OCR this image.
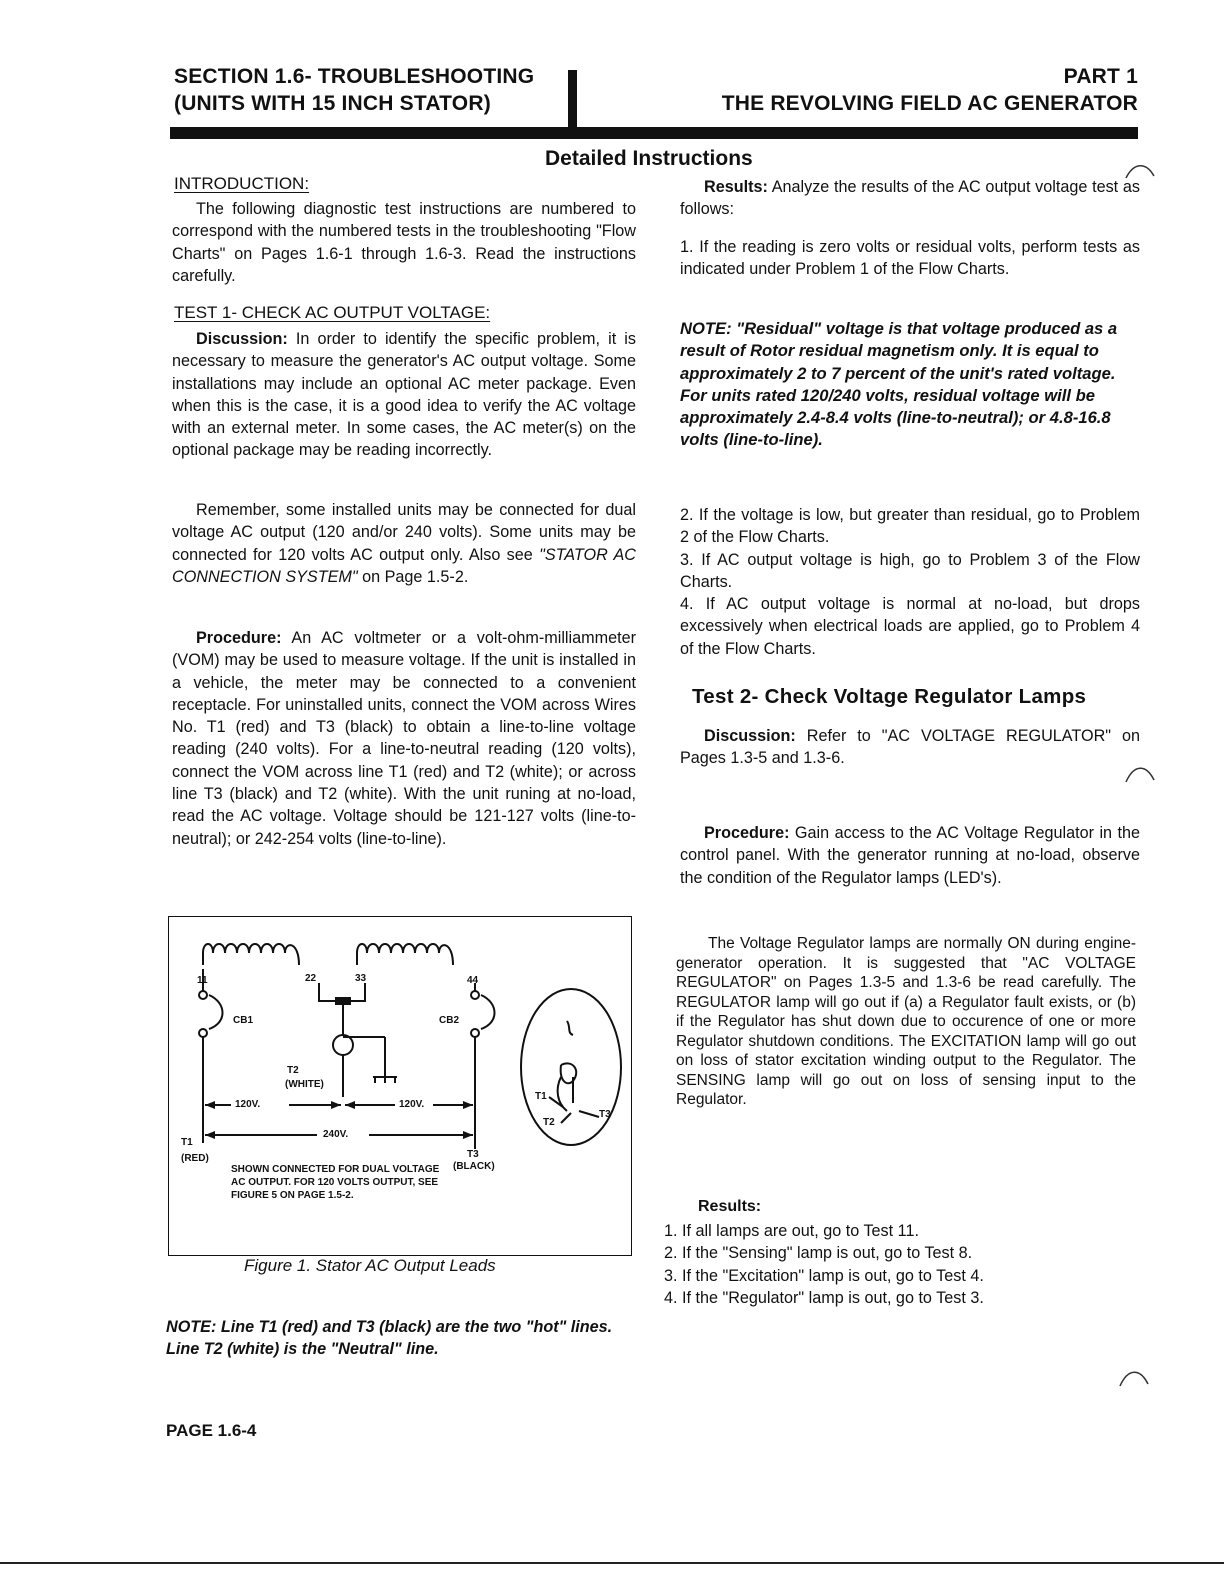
SECTION 1.6- TROUBLESHOOTING
(UNITS WITH 15 INCH STATOR)
PART 1
THE REVOLVING FIELD AC GENERATOR
Detailed Instructions
INTRODUCTION:

The following diagnostic test instructions are numbered to correspond with the numbered tests in the troubleshooting "Flow Charts" on Pages 1.6-1 through 1.6-3. Read the instructions carefully.

TEST 1- CHECK AC OUTPUT VOLTAGE:

Discussion: In order to identify the specific problem, it is necessary to measure the generator's AC output voltage. Some installations may include an optional AC meter package. Even when this is the case, it is a good idea to verify the AC voltage with an external meter. In some cases, the AC meter(s) on the optional package may be reading incorrectly.

Remember, some installed units may be connected for dual voltage AC output (120 and/or 240 volts). Some units may be connected for 120 volts AC output only. Also see "STATOR AC CONNECTION SYSTEM" on Page 1.5-2.

Procedure: An AC voltmeter or a volt-ohm-milliammeter (VOM) may be used to measure voltage. If the unit is installed in a vehicle, the meter may be connected to a convenient receptacle. For uninstalled units, connect the VOM across Wires No. T1 (red) and T3 (black) to obtain a line-to-line voltage reading (240 volts). For a line-to-neutral reading (120 volts), connect the VOM across line T1 (red) and T2 (white); or across line T3 (black) and T2 (white). With the unit runing at no-load, read the AC voltage. Voltage should be 121-127 volts (line-to-neutral); or 242-254 volts (line-to-line).

11	22	33	44
CB1	CB2
T2
(WHITE)
120V.	120V.
240V.
T1
(RED)	T3
(BLACK)
SHOWN CONNECTED FOR DUAL VOLTAGE AC OUTPUT. FOR 120 VOLTS OUTPUT, SEE FIGURE 5 ON PAGE 1.5-2.
T1
T2
T3
Figure 1. Stator AC Output Leads
NOTE: Line T1 (red) and T3 (black) are the two "hot" lines. Line T2 (white) is the "Neutral" line.
PAGE 1.6-4

Results: Analyze the results of the AC output voltage test as follows:

1. If the reading is zero volts or residual volts, perform tests as indicated under Problem 1 of the Flow Charts.
NOTE: "Residual" voltage is that voltage produced as a result of Rotor residual magnetism only. It is equal to approximately 2 to 7 percent of the unit's rated voltage. For units rated 120/240 volts, residual voltage will be approximately 2.4-8.4 volts (line-to-neutral); or 4.8-16.8 volts (line-to-line).

2. If the voltage is low, but greater than residual, go to Problem 2 of the Flow Charts.

3. If AC output voltage is high, go to Problem 3 of the Flow Charts.

4. If AC output voltage is normal at no-load, but drops excessively when electrical loads are applied, go to Problem 4 of the Flow Charts.

Test 2- Check Voltage Regulator Lamps

Discussion: Refer to "AC VOLTAGE REGULATOR" on Pages 1.3-5 and 1.3-6.

Procedure: Gain access to the AC Voltage Regulator in the control panel. With the generator running at no-load, observe the condition of the Regulator lamps (LED's).

The Voltage Regulator lamps are normally ON during engine-generator operation. It is suggested that "AC VOLTAGE REGULATOR" on Pages 1.3-5 and 1.3-6 be read carefully. The REGULATOR lamp will go out if (a) a Regulator fault exists, or (b) if the Regulator has shut down due to occurence of one or more Regulator shutdown conditions. The EXCITATION lamp will go out on loss of stator excitation winding output to the Regulator. The SENSING lamp will go out on loss of sensing input to the Regulator.

Results:
1. If all lamps are out, go to Test 11.
2. If the "Sensing" lamp is out, go to Test 8.
3. If the "Excitation" lamp is out, go to Test 4.
4. If the "Regulator" lamp is out, go to Test 3.
